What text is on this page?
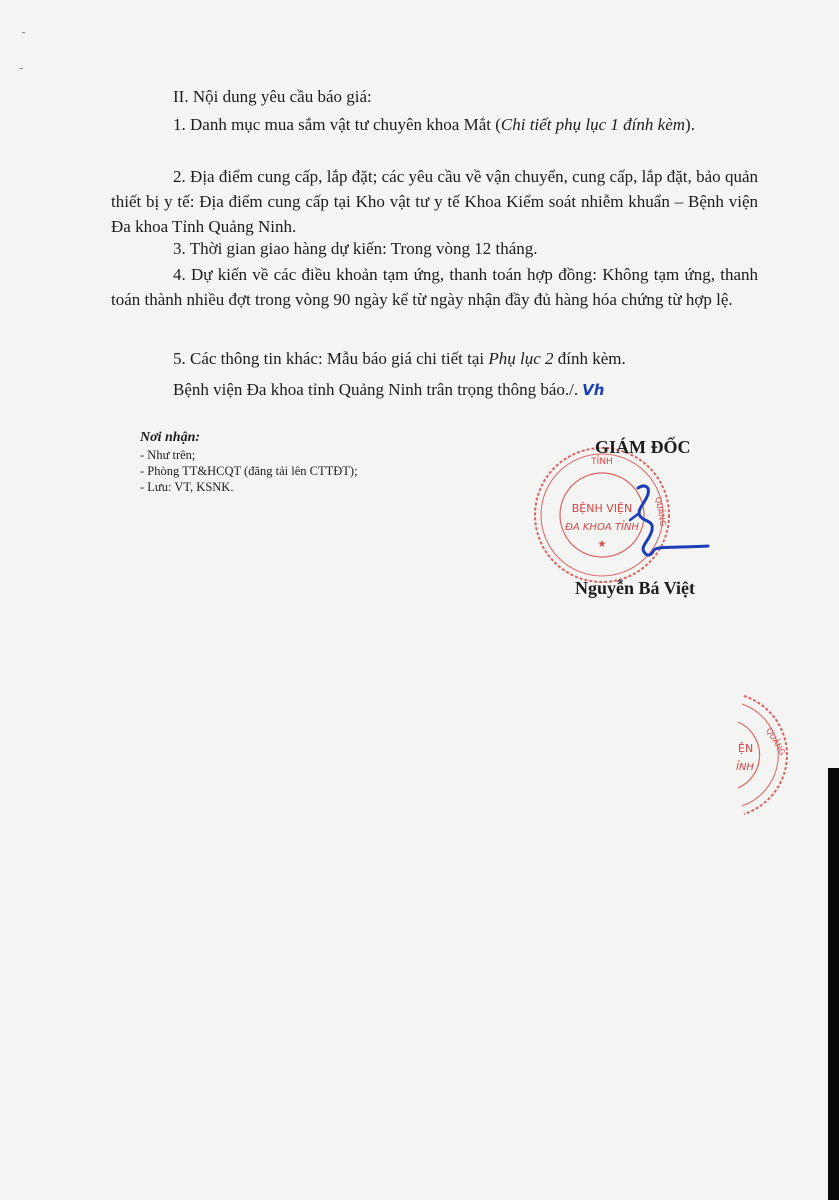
II. Nội dung yêu cầu báo giá:
1. Danh mục mua sắm vật tư chuyên khoa Mắt (Chi tiết phụ lục 1 đính kèm).
2. Địa điểm cung cấp, lắp đặt; các yêu cầu về vận chuyển, cung cấp, lắp đặt, bảo quản thiết bị y tế: Địa điểm cung cấp tại Kho vật tư y tế Khoa Kiểm soát nhiễm khuẩn – Bệnh viện Đa khoa Tỉnh Quảng Ninh.
3. Thời gian giao hàng dự kiến: Trong vòng 12 tháng.
4. Dự kiến về các điều khoản tạm ứng, thanh toán hợp đồng: Không tạm ứng, thanh toán thành nhiều đợt trong vòng 90 ngày kể từ ngày nhận đầy đủ hàng hóa chứng từ hợp lệ.
5. Các thông tin khác: Mẫu báo giá chi tiết tại Phụ lục 2 đính kèm.
Bệnh viện Đa khoa tỉnh Quảng Ninh trân trọng thông báo./. Vh
Nơi nhận:
- Như trên;
- Phòng TT&HCQT (đăng tải lên CTTĐT);
- Lưu: VT, KSNK.
TỈNH
QUẢNG
BỆNH VIỆN
ĐA KHOA TỈNH
★
GIÁM ĐỐC
Nguyễn Bá Việt
QUẢNG
ỆN
ỈNH
